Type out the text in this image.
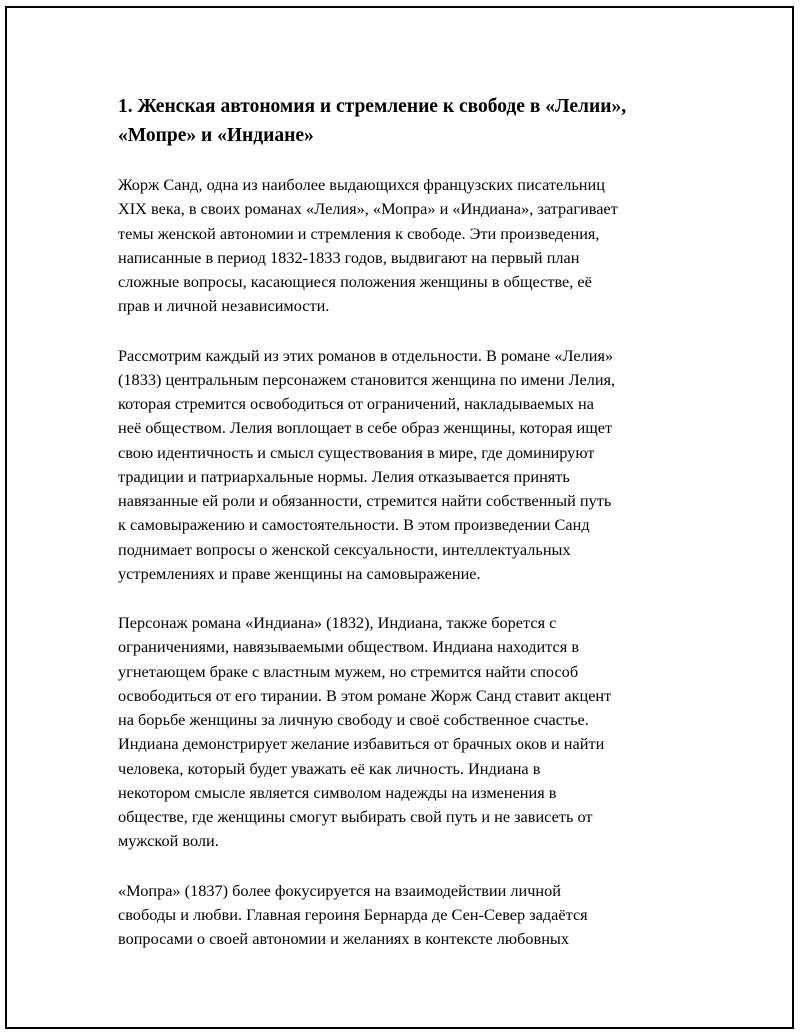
1. Женская автономия и стремление к свободе в «Лелии»,
«Мопре» и «Индиане»

Жорж Санд, одна из наиболее выдающихся французских писательниц
XIX века, в своих романах «Лелия», «Мопра» и «Индиана», затрагивает
темы женской автономии и стремления к свободе. Эти произведения,
написанные в период 1832-1833 годов, выдвигают на первый план
сложные вопросы, касающиеся положения женщины в обществе, её
прав и личной независимости.

Рассмотрим каждый из этих романов в отдельности. В романе «Лелия»
(1833) центральным персонажем становится женщина по имени Лелия,
которая стремится освободиться от ограничений, накладываемых на
неё обществом. Лелия воплощает в себе образ женщины, которая ищет
свою идентичность и смысл существования в мире, где доминируют
традиции и патриархальные нормы. Лелия отказывается принять
навязанные ей роли и обязанности, стремится найти собственный путь
к самовыражению и самостоятельности. В этом произведении Санд
поднимает вопросы о женской сексуальности, интеллектуальных
устремлениях и праве женщины на самовыражение.

Персонаж романа «Индиана» (1832), Индиана, также борется с
ограничениями, навязываемыми обществом. Индиана находится в
угнетающем браке с властным мужем, но стремится найти способ
освободиться от его тирании. В этом романе Жорж Санд ставит акцент
на борьбе женщины за личную свободу и своё собственное счастье.
Индиана демонстрирует желание избавиться от брачных оков и найти
человека, который будет уважать её как личность. Индиана в
некотором смысле является символом надежды на изменения в
обществе, где женщины смогут выбирать свой путь и не зависеть от
мужской воли.

«Мопра» (1837) более фокусируется на взаимодействии личной
свободы и любви. Главная героиня Бернарда де Сен-Север задаётся
вопросами о своей автономии и желаниях в контексте любовных
